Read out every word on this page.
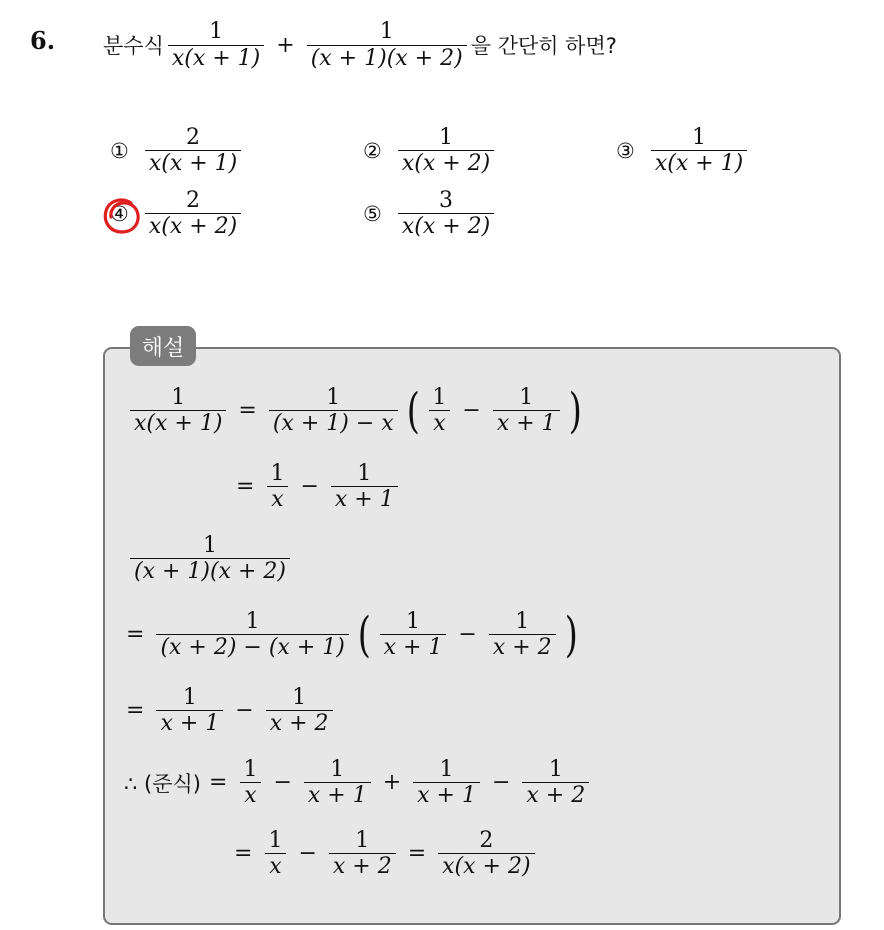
6. 분수식 $\frac{1}{x(x + 1)} + \frac{1}{(x + 1)(x + 2)}$ 을 간단히 하면?
① $\frac{2}{x(x + 1)}$	② $\frac{1}{x(x + 2)}$	③ $\frac{1}{x(x + 1)}$
④ $\frac{2}{x(x + 2)}$	⑤ $\frac{3}{x(x + 2)}$
해설
$\frac{1}{x(x + 1)} = \frac{1}{(x + 1) - x}$ ( $\frac{1}{x} - \frac{1}{x + 1}$ )
= $\frac{1}{x} - \frac{1}{x + 1}$
$\frac{1}{(x + 1)(x + 2)}$
= $\frac{1}{(x + 2) - (x + 1)}$ ( $\frac{1}{x + 1} - \frac{1}{x + 2}$ )
= $\frac{1}{x + 1} - \frac{1}{x + 2}$
∴ (준식) = $\frac{1}{x} - \frac{1}{x + 1} + \frac{1}{x + 1} - \frac{1}{x + 2}$
= $\frac{1}{x} - \frac{1}{x + 2} = \frac{2}{x(x + 2)}$
